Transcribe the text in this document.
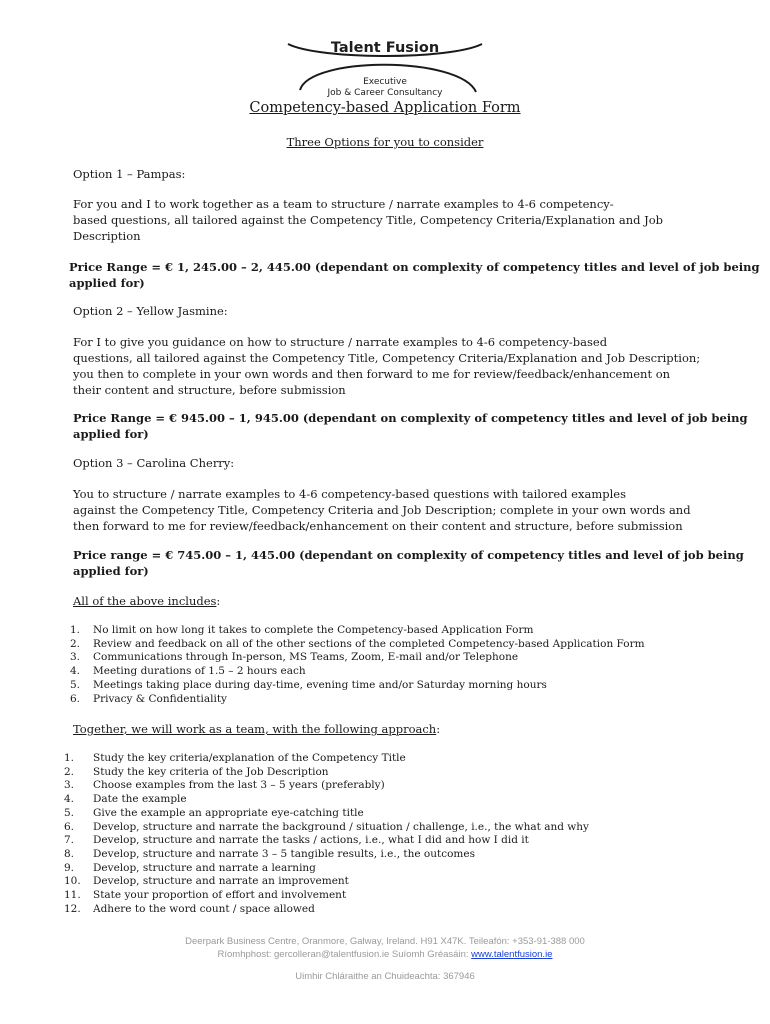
Talent Fusion
Executive
Job & Career Consultancy
Competency-based Application Form
Three Options for you to consider
Option 1 – Pampas:
For you and I to work together as a team to structure / narrate examples to 4-6 competency-
based questions, all tailored against the Competency Title, Competency Criteria/Explanation and Job
Description
Price Range = € 1, 245.00 – 2, 445.00 (dependant on complexity of competency titles and level of job being
applied for)
Option 2 – Yellow Jasmine:
For I to give you guidance on how to structure / narrate examples to 4-6 competency-based
questions, all tailored against the Competency Title, Competency Criteria/Explanation and Job Description;
you then to complete in your own words and then forward to me for review/feedback/enhancement on
their content and structure, before submission
Price Range = € 945.00 – 1, 945.00 (dependant on complexity of competency titles and level of job being
applied for)
Option 3 – Carolina Cherry:
You to structure / narrate examples to 4-6 competency-based questions with tailored examples
against the Competency Title, Competency Criteria and Job Description; complete in your own words and
then forward to me for review/feedback/enhancement on their content and structure, before submission
Price range = € 745.00 – 1, 445.00 (dependant on complexity of competency titles and level of job being
applied for)
All of the above includes:
1.	No limit on how long it takes to complete the Competency-based Application Form
2.	Review and feedback on all of the other sections of the completed Competency-based Application Form
3.	Communications through In-person, MS Teams, Zoom, E-mail and/or Telephone
4.	Meeting durations of 1.5 – 2 hours each
5.	Meetings taking place during day-time, evening time and/or Saturday morning hours
6.	Privacy & Confidentiality
Together, we will work as a team, with the following approach:
1.	Study the key criteria/explanation of the Competency Title
2.	Study the key criteria of the Job Description
3.	Choose examples from the last 3 – 5 years (preferably)
4.	Date the example
5.	Give the example an appropriate eye-catching title
6.	Develop, structure and narrate the background / situation / challenge, i.e., the what and why
7.	Develop, structure and narrate the tasks / actions, i.e., what I did and how I did it
8.	Develop, structure and narrate 3 – 5 tangible results, i.e., the outcomes
9.	Develop, structure and narrate a learning
10.	Develop, structure and narrate an improvement
11.	State your proportion of effort and involvement
12.	Adhere to the word count / space allowed
Deerpark Business Centre, Oranmore, Galway, Ireland. H91 X47K. Teileafón: +353-91-388 000
Ríomhphost: gercolleran@talentfusion.ie Suíomh Gréasáin: www.talentfusion.ie
Uimhir Chláraithe an Chuideachta: 367946
